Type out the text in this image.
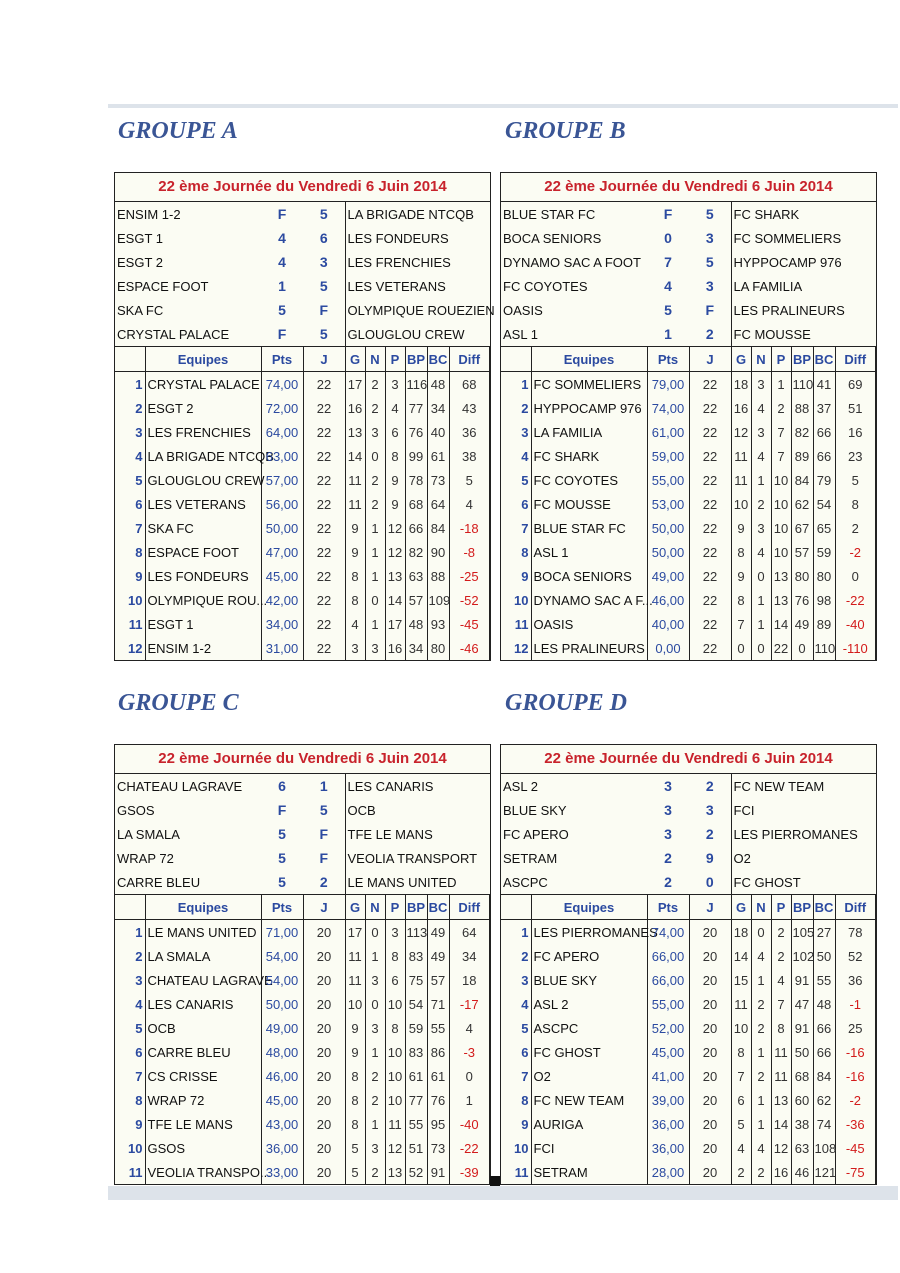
GROUPE A	GROUPE B
GROUPE C	GROUPE D
22 ème Journée du Vendredi 6 Juin 2014
ENSIM 1-2	F	5	LA BRIGADE NTCQB
ESGT 1	4	6	LES FONDEURS
ESGT 2	4	3	LES FRENCHIES
ESPACE FOOT	1	5	LES VETERANS
SKA FC	5	F	OLYMPIQUE ROUEZIEN
CRYSTAL PALACE	F	5	GLOUGLOU CREW
	Equipes	Pts	J	G	N	P	BP	BC	Diff
1	CRYSTAL PALACE	74,00	22	17	2	3	116	48	68
2	ESGT 2	72,00	22	16	2	4	77	34	43
3	LES FRENCHIES	64,00	22	13	3	6	76	40	36
4	LA BRIGADE NTCQB	63,00	22	14	0	8	99	61	38
5	GLOUGLOU CREW	57,00	22	11	2	9	78	73	5
6	LES VETERANS	56,00	22	11	2	9	68	64	4
7	SKA FC	50,00	22	9	1	12	66	84	-18
8	ESPACE FOOT	47,00	22	9	1	12	82	90	-8
9	LES FONDEURS	45,00	22	8	1	13	63	88	-25
10	OLYMPIQUE ROU...	42,00	22	8	0	14	57	109	-52
11	ESGT 1	34,00	22	4	1	17	48	93	-45
12	ENSIM 1-2	31,00	22	3	3	16	34	80	-46
22 ème Journée du Vendredi 6 Juin 2014
BLUE STAR FC	F	5	FC SHARK
BOCA SENIORS	0	3	FC SOMMELIERS
DYNAMO SAC A FOOT	7	5	HYPPOCAMP 976
FC COYOTES	4	3	LA FAMILIA
OASIS	5	F	LES PRALINEURS
ASL 1	1	2	FC MOUSSE
	Equipes	Pts	J	G	N	P	BP	BC	Diff
1	FC SOMMELIERS	79,00	22	18	3	1	110	41	69
2	HYPPOCAMP 976	74,00	22	16	4	2	88	37	51
3	LA FAMILIA	61,00	22	12	3	7	82	66	16
4	FC SHARK	59,00	22	11	4	7	89	66	23
5	FC COYOTES	55,00	22	11	1	10	84	79	5
6	FC MOUSSE	53,00	22	10	2	10	62	54	8
7	BLUE STAR FC	50,00	22	9	3	10	67	65	2
8	ASL 1	50,00	22	8	4	10	57	59	-2
9	BOCA SENIORS	49,00	22	9	0	13	80	80	0
10	DYNAMO SAC A F...	46,00	22	8	1	13	76	98	-22
11	OASIS	40,00	22	7	1	14	49	89	-40
12	LES PRALINEURS	0,00	22	0	0	22	0	110	-110
22 ème Journée du Vendredi 6 Juin 2014
CHATEAU LAGRAVE	6	1	LES CANARIS
GSOS	F	5	OCB
LA SMALA	5	F	TFE LE MANS
WRAP 72	5	F	VEOLIA TRANSPORT
CARRE BLEU	5	2	LE MANS UNITED
	Equipes	Pts	J	G	N	P	BP	BC	Diff
1	LE MANS UNITED	71,00	20	17	0	3	113	49	64
2	LA SMALA	54,00	20	11	1	8	83	49	34
3	CHATEAU LAGRAVE	54,00	20	11	3	6	75	57	18
4	LES CANARIS	50,00	20	10	0	10	54	71	-17
5	OCB	49,00	20	9	3	8	59	55	4
6	CARRE BLEU	48,00	20	9	1	10	83	86	-3
7	CS CRISSE	46,00	20	8	2	10	61	61	0
8	WRAP 72	45,00	20	8	2	10	77	76	1
9	TFE LE MANS	43,00	20	8	1	11	55	95	-40
10	GSOS	36,00	20	5	3	12	51	73	-22
11	VEOLIA TRANSPO...	33,00	20	5	2	13	52	91	-39
22 ème Journée du Vendredi 6 Juin 2014
ASL 2	3	2	FC NEW TEAM
BLUE SKY	3	3	FCI
FC APERO	3	2	LES PIERROMANES
SETRAM	2	9	O2
ASCPC	2	0	FC GHOST
	Equipes	Pts	J	G	N	P	BP	BC	Diff
1	LES PIERROMANES	74,00	20	18	0	2	105	27	78
2	FC APERO	66,00	20	14	4	2	102	50	52
3	BLUE SKY	66,00	20	15	1	4	91	55	36
4	ASL 2	55,00	20	11	2	7	47	48	-1
5	ASCPC	52,00	20	10	2	8	91	66	25
6	FC GHOST	45,00	20	8	1	11	50	66	-16
7	O2	41,00	20	7	2	11	68	84	-16
8	FC NEW TEAM	39,00	20	6	1	13	60	62	-2
9	AURIGA	36,00	20	5	1	14	38	74	-36
10	FCI	36,00	20	4	4	12	63	108	-45
11	SETRAM	28,00	20	2	2	16	46	121	-75
